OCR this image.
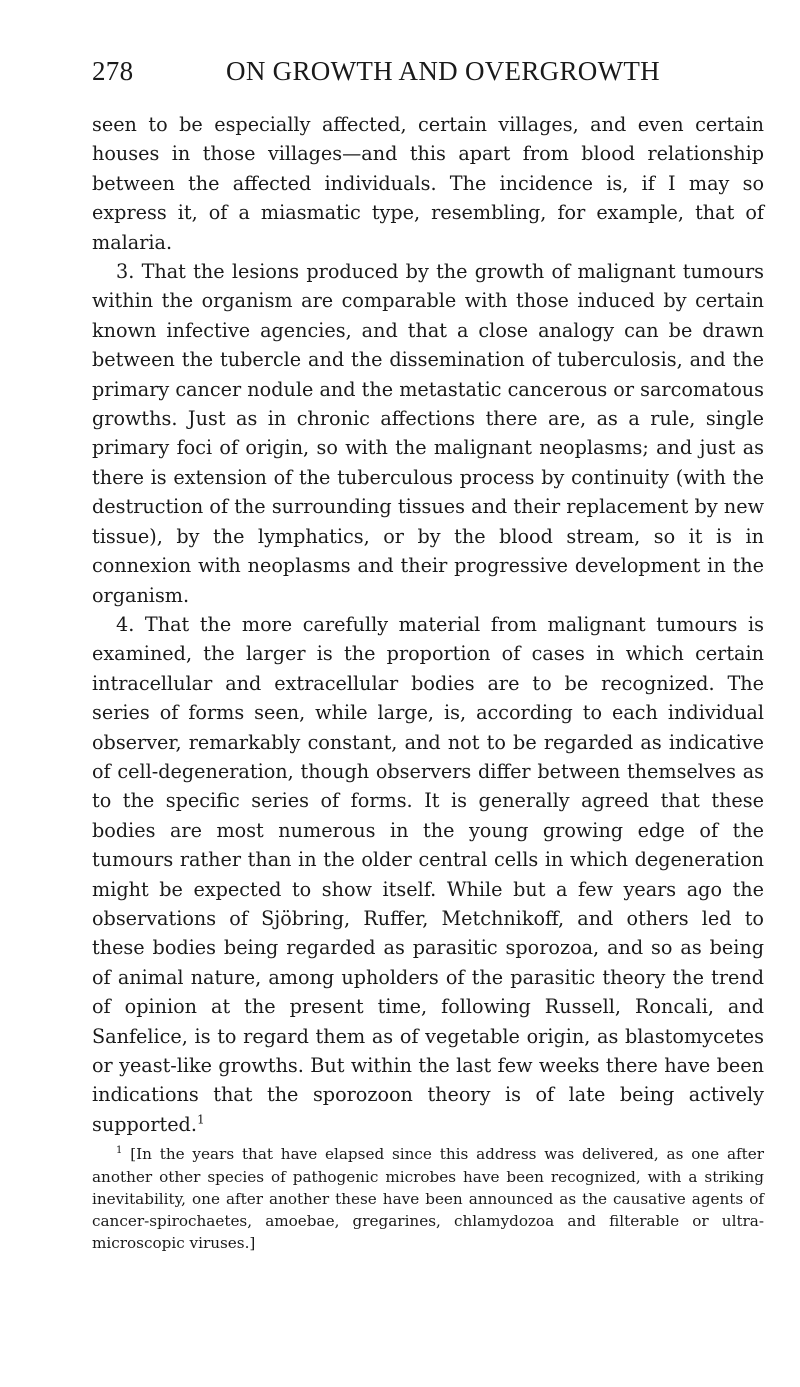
278	ON GROWTH AND OVERGROWTH

seen to be especially affected, certain villages, and even certain houses in those villages—and this apart from blood relationship between the affected individuals. The incidence is, if I may so express it, of a miasmatic type, resembling, for example, that of malaria.

3. That the lesions produced by the growth of malignant tumours within the organism are comparable with those induced by certain known infective agencies, and that a close analogy can be drawn between the tubercle and the dissemination of tuberculosis, and the primary cancer nodule and the metastatic cancerous or sarcomatous growths. Just as in chronic affections there are, as a rule, single primary foci of origin, so with the malignant neoplasms; and just as there is extension of the tuberculous process by continuity (with the destruction of the surrounding tissues and their replacement by new tissue), by the lymphatics, or by the blood stream, so it is in connexion with neoplasms and their progressive development in the organism.

4. That the more carefully material from malignant tumours is examined, the larger is the proportion of cases in which certain intracellular and extracellular bodies are to be recognized. The series of forms seen, while large, is, according to each individual observer, remarkably constant, and not to be regarded as indicative of cell-degeneration, though observers differ between themselves as to the specific series of forms. It is generally agreed that these bodies are most numerous in the young growing edge of the tumours rather than in the older central cells in which degeneration might be expected to show itself. While but a few years ago the observations of Sjöbring, Ruffer, Metchnikoff, and others led to these bodies being regarded as parasitic sporozoa, and so as being of animal nature, among upholders of the parasitic theory the trend of opinion at the present time, following Russell, Roncali, and Sanfelice, is to regard them as of vegetable origin, as blastomycetes or yeast-like growths. But within the last few weeks there have been indications that the sporozoon theory is of late being actively supported.$^1$

$^1$ [In the years that have elapsed since this address was delivered, as one after another other species of pathogenic microbes have been recognized, with a striking inevitability, one after another these have been announced as the causative agents of cancer-spirochaetes, amoebae, gregarines, chlamydozoa and filterable or ultra-microscopic viruses.]
